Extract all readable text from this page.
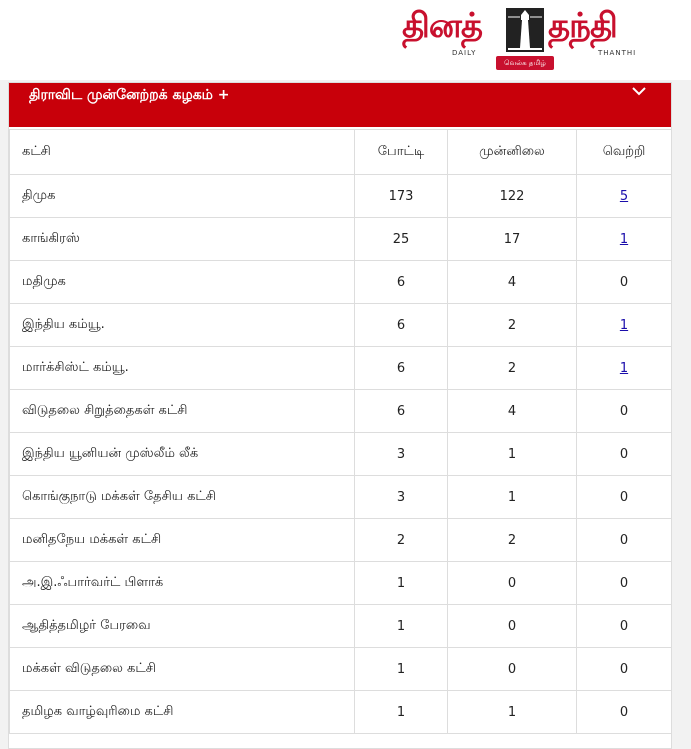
தினத் தந்தி
DAILY	THANTHI
வெல்க தமிழ்
திராவிட முன்னேற்றக் கழகம் +
கட்சி	போட்டி	முன்னிலை	வெற்றி
திமுக	173	122	5
காங்கிரஸ்	25	17	1
மதிமுக	6	4	0
இந்திய கம்யூ.	6	2	1
மார்க்சிஸ்ட் கம்யூ.	6	2	1
விடுதலை சிறுத்தைகள் கட்சி	6	4	0
இந்திய யூனியன் முஸ்லீம் லீக்	3	1	0
கொங்குநாடு மக்கள் தேசிய கட்சி	3	1	0
மனிதநேய மக்கள் கட்சி	2	2	0
அ.இ.ஃபார்வர்ட் பிளாக்	1	0	0
ஆதித்தமிழர் பேரவை	1	0	0
மக்கள் விடுதலை கட்சி	1	0	0
தமிழக வாழ்வுரிமை கட்சி	1	1	0
